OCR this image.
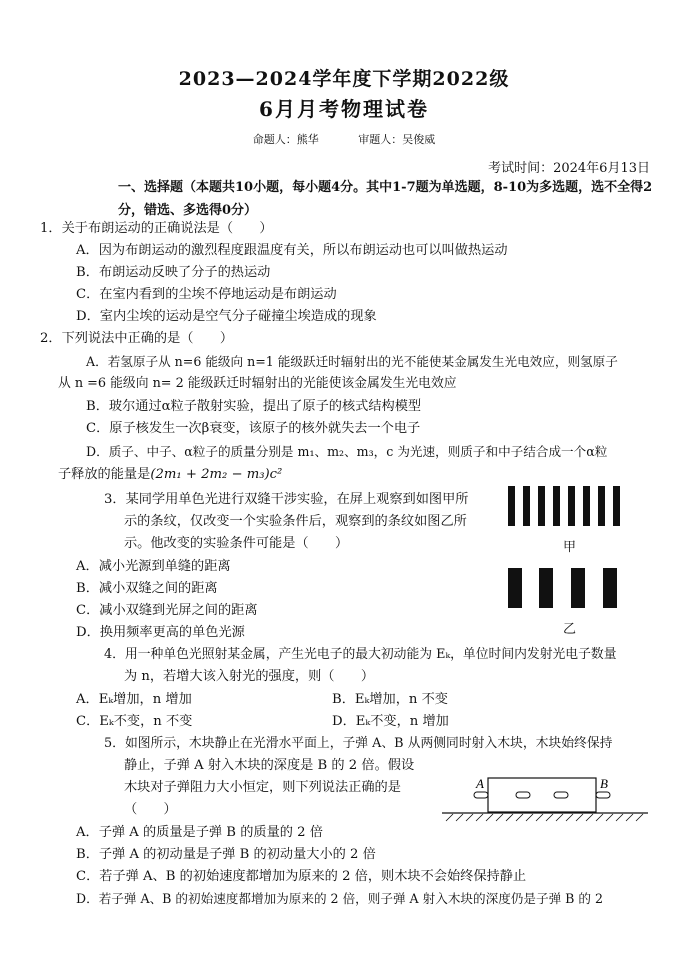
2023—2024学年度下学期2022级
6月月考物理试卷
命题人：熊华	审题人：吴俊威
考试时间：2024年6月13日
一、选择题（本题共10小题，每小题4分。其中1-7题为单选题，8-10为多选题，选不全得2分，错选、多选得0分）
1．关于布朗运动的正确说法是（　　）
A．因为布朗运动的激烈程度跟温度有关，所以布朗运动也可以叫做热运动
B．布朗运动反映了分子的热运动
C．在室内看到的尘埃不停地运动是布朗运动
D．室内尘埃的运动是空气分子碰撞尘埃造成的现象
2．下列说法中正确的是（　　）
A．若氢原子从 n=6 能级向 n=1 能级跃迁时辐射出的光不能使某金属发生光电效应，则氢原子
从 n =6 能级向 n= 2 能级跃迁时辐射出的光能使该金属发生光电效应
B．玻尔通过α粒子散射实验，提出了原子的核式结构模型
C．原子核发生一次β衰变，该原子的核外就失去一个电子
D．质子、中子、α粒子的质量分别是 m₁、m₂、m₃，c 为光速，则质子和中子结合成一个α粒
子释放的能量是(2m₁ + 2m₂ − m₃)c²
3．某同学用单色光进行双缝干涉实验，在屏上观察到如图甲所
示的条纹，仅改变一个实验条件后，观察到的条纹如图乙所
示。他改变的实验条件可能是（　　）
A．减小光源到单缝的距离
B．减小双缝之间的距离
C．减小双缝到光屏之间的距离
D．换用频率更高的单色光源
甲
乙
4．用一种单色光照射某金属，产生光电子的最大初动能为 Eₖ，单位时间内发射光电子数量
为 n，若增大该入射光的强度，则（　　）
A．Eₖ增加，n 增加	B．Eₖ增加，n 不变
C．Eₖ不变，n 不变	D．Eₖ不变，n 增加
5．如图所示，木块静止在光滑水平面上，子弹 A、B 从两侧同时射入木块，木块始终保持
静止，子弹 A 射入木块的深度是 B 的 2 倍。假设
木块对子弹阻力大小恒定，则下列说法正确的是
（　　）
A	B
A．子弹 A 的质量是子弹 B 的质量的 2 倍
B．子弹 A 的初动量是子弹 B 的初动量大小的 2 倍
C．若子弹 A、B 的初始速度都增加为原来的 2 倍，则木块不会始终保持静止
D．若子弹 A、B 的初始速度都增加为原来的 2 倍，则子弹 A 射入木块的深度仍是子弹 B 的 2
